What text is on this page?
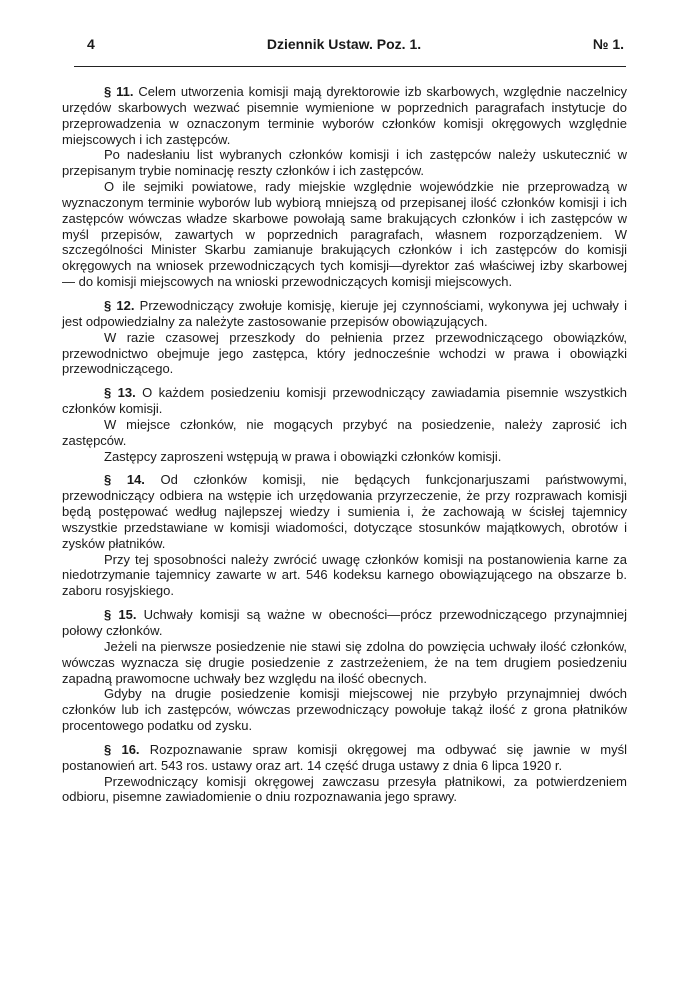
4	Dziennik Ustaw. Poz. 1.	№ 1.

§ 11. Celem utworzenia komisji mają dyrektorowie izb skarbowych, względnie naczelnicy urzędów skarbowych wezwać pisemnie wymienione w poprzednich paragrafach instytucje do przeprowadzenia w oznaczonym terminie wyborów członków komisji okręgowych względnie miejscowych i ich zastępców.

Po nadesłaniu list wybranych członków komisji i ich zastępców należy uskutecznić w przepisanym trybie nominację reszty członków i ich zastępców.

O ile sejmiki powiatowe, rady miejskie względnie wojewódzkie nie przeprowadzą w wyznaczonym terminie wyborów lub wybiorą mniejszą od przepisanej ilość członków komisji i ich zastępców wówczas władze skarbowe powołają same brakujących członków i ich zastępców w myśl przepisów, zawartych w poprzednich paragrafach, własnem rozporządzeniem. W szczególności Minister Skarbu zamianuje brakujących członków i ich zastępców do komisji okręgowych na wniosek przewodniczących tych komisji—dyrektor zaś właściwej izby skarbowej — do komisji miejscowych na wnioski przewodniczących komisji miejscowych.

§ 12. Przewodniczący zwołuje komisję, kieruje jej czynnościami, wykonywa jej uchwały i jest odpowiedzialny za należyte zastosowanie przepisów obowiązujących.

W razie czasowej przeszkody do pełnienia przez przewodniczącego obowiązków, przewodnictwo obejmuje jego zastępca, który jednocześnie wchodzi w prawa i obowiązki przewodniczącego.

§ 13. O każdem posiedzeniu komisji przewodniczący zawiadamia pisemnie wszystkich członków komisji.

W miejsce członków, nie mogących przybyć na posiedzenie, należy zaprosić ich zastępców.

Zastępcy zaproszeni wstępują w prawa i obowiązki członków komisji.

§ 14. Od członków komisji, nie będących funkcjonarjuszami państwowymi, przewodniczący odbiera na wstępie ich urzędowania przyrzeczenie, że przy rozprawach komisji będą postępować według najlepszej wiedzy i sumienia i, że zachowają w ścisłej tajemnicy wszystkie przedstawiane w komisji wiadomości, dotyczące stosunków majątkowych, obrotów i zysków płatników.

Przy tej sposobności należy zwrócić uwagę członków komisji na postanowienia karne za niedotrzymanie tajemnicy zawarte w art. 546 kodeksu karnego obowiązującego na obszarze b. zaboru rosyjskiego.

§ 15. Uchwały komisji są ważne w obecności—prócz przewodniczącego przynajmniej połowy członków.

Jeżeli na pierwsze posiedzenie nie stawi się zdolna do powzięcia uchwały ilość członków, wówczas wyznacza się drugie posiedzenie z zastrzeżeniem, że na tem drugiem posiedzeniu zapadną prawomocne uchwały bez względu na ilość obecnych.

Gdyby na drugie posiedzenie komisji miejscowej nie przybyło przynajmniej dwóch członków lub ich zastępców, wówczas przewodniczący powołuje takąż ilość z grona płatników procentowego podatku od zysku.

§ 16. Rozpoznawanie spraw komisji okręgowej ma odbywać się jawnie w myśl postanowień art. 543 ros. ustawy oraz art. 14 część druga ustawy z dnia 6 lipca 1920 r.

Przewodniczący komisji okręgowej zawczasu przesyła płatnikowi, za potwierdzeniem odbioru, pisemne zawiadomienie o dniu rozpoznawania jego sprawy.
